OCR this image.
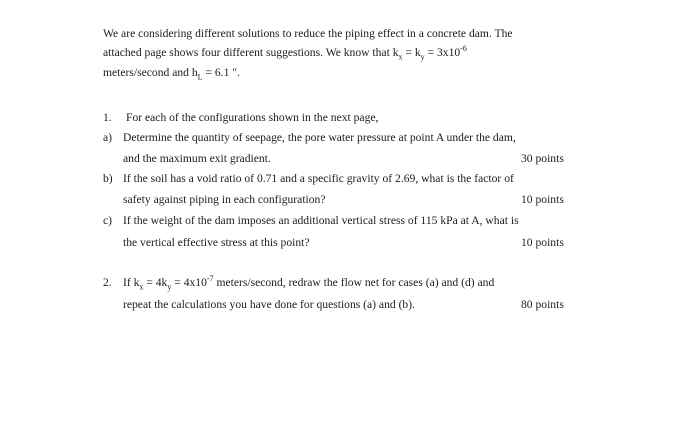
We are considering different solutions to reduce the piping effect in a concrete dam. The
attached page shows four different suggestions. We know that $k_x = k_y = 3x10^{-6}$
meters/second and $h_L = 6.1$ ".
1. For each of the configurations shown in the next page,
a) Determine the quantity of seepage, the pore water pressure at point A under the dam,
and the maximum exit gradient.	30 points
b) If the soil has a void ratio of 0.71 and a specific gravity of 2.69, what is the factor of
safety against piping in each configuration?	10 points
c) If the weight of the dam imposes an additional vertical stress of 115 kPa at A, what is
the vertical effective stress at this point?	10 points
2. If $k_x = 4k_y = 4x10^{-7}$ meters/second, redraw the flow net for cases (a) and (d) and
repeat the calculations you have done for questions (a) and (b).	80 points
